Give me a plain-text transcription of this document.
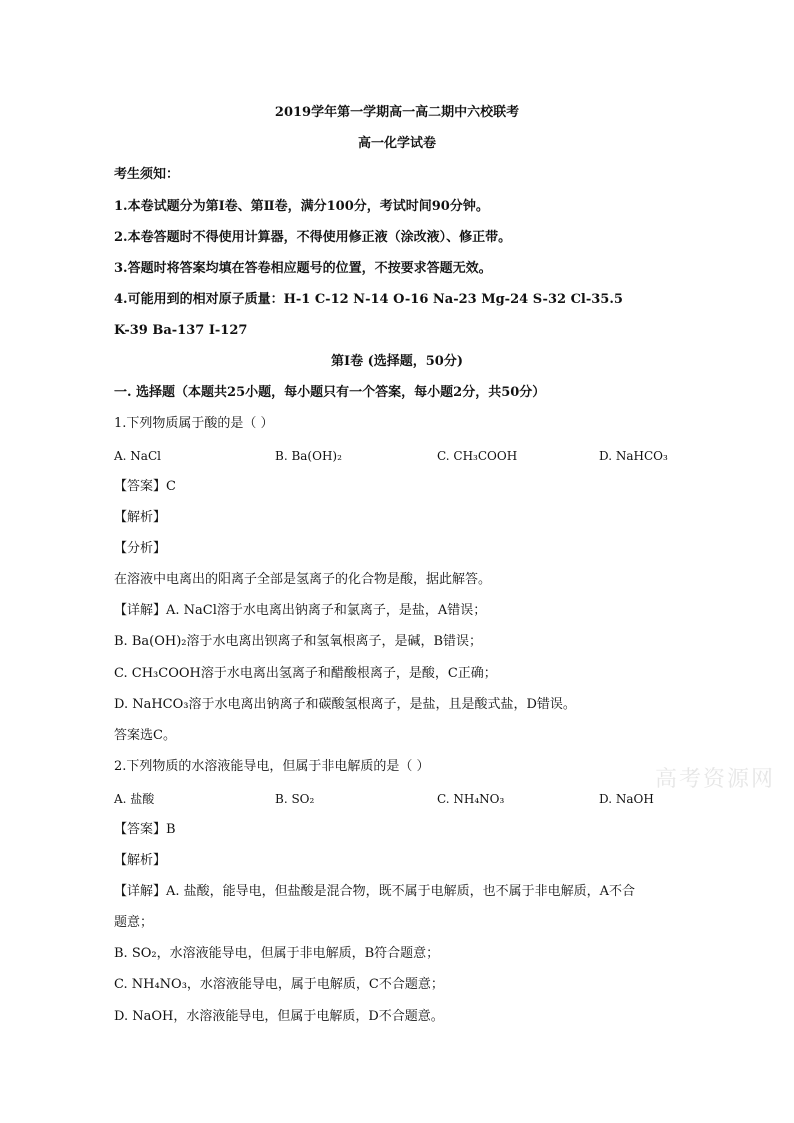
2019学年第一学期高一高二期中六校联考
高一化学试卷
考生须知：
1.本卷试题分为第Ⅰ卷、第Ⅱ卷，满分100分，考试时间90分钟。
2.本卷答题时不得使用计算器，不得使用修正液（涂改液）、修正带。
3.答题时将答案均填在答卷相应题号的位置，不按要求答题无效。
4.可能用到的相对原子质量：H-1 C-12 N-14 O-16 Na-23 Mg-24 S-32 Cl-35.5
K-39 Ba-137 I-127
第Ⅰ卷 (选择题，50分)
一. 选择题（本题共25小题，每小题只有一个答案，每小题2分，共50分）
1.下列物质属于酸的是（ ）
A. NaCl	B. Ba(OH)₂	C. CH₃COOH	D. NaHCO₃
【答案】C
【解析】
【分析】
在溶液中电离出的阳离子全部是氢离子的化合物是酸，据此解答。
【详解】A. NaCl溶于水电离出钠离子和氯离子，是盐，A错误；
B. Ba(OH)₂溶于水电离出钡离子和氢氧根离子，是碱，B错误；
C. CH₃COOH溶于水电离出氢离子和醋酸根离子，是酸，C正确；
D. NaHCO₃溶于水电离出钠离子和碳酸氢根离子，是盐，且是酸式盐，D错误。
答案选C。
2.下列物质的水溶液能导电，但属于非电解质的是（ ）
A. 盐酸	B. SO₂	C. NH₄NO₃	D. NaOH
【答案】B
【解析】
【详解】A. 盐酸，能导电，但盐酸是混合物，既不属于电解质，也不属于非电解质，A不合
题意；
B. SO₂，水溶液能导电，但属于非电解质，B符合题意；
C. NH₄NO₃，水溶液能导电，属于电解质，C不合题意；
D. NaOH，水溶液能导电，但属于电解质，D不合题意。
高考资源网
